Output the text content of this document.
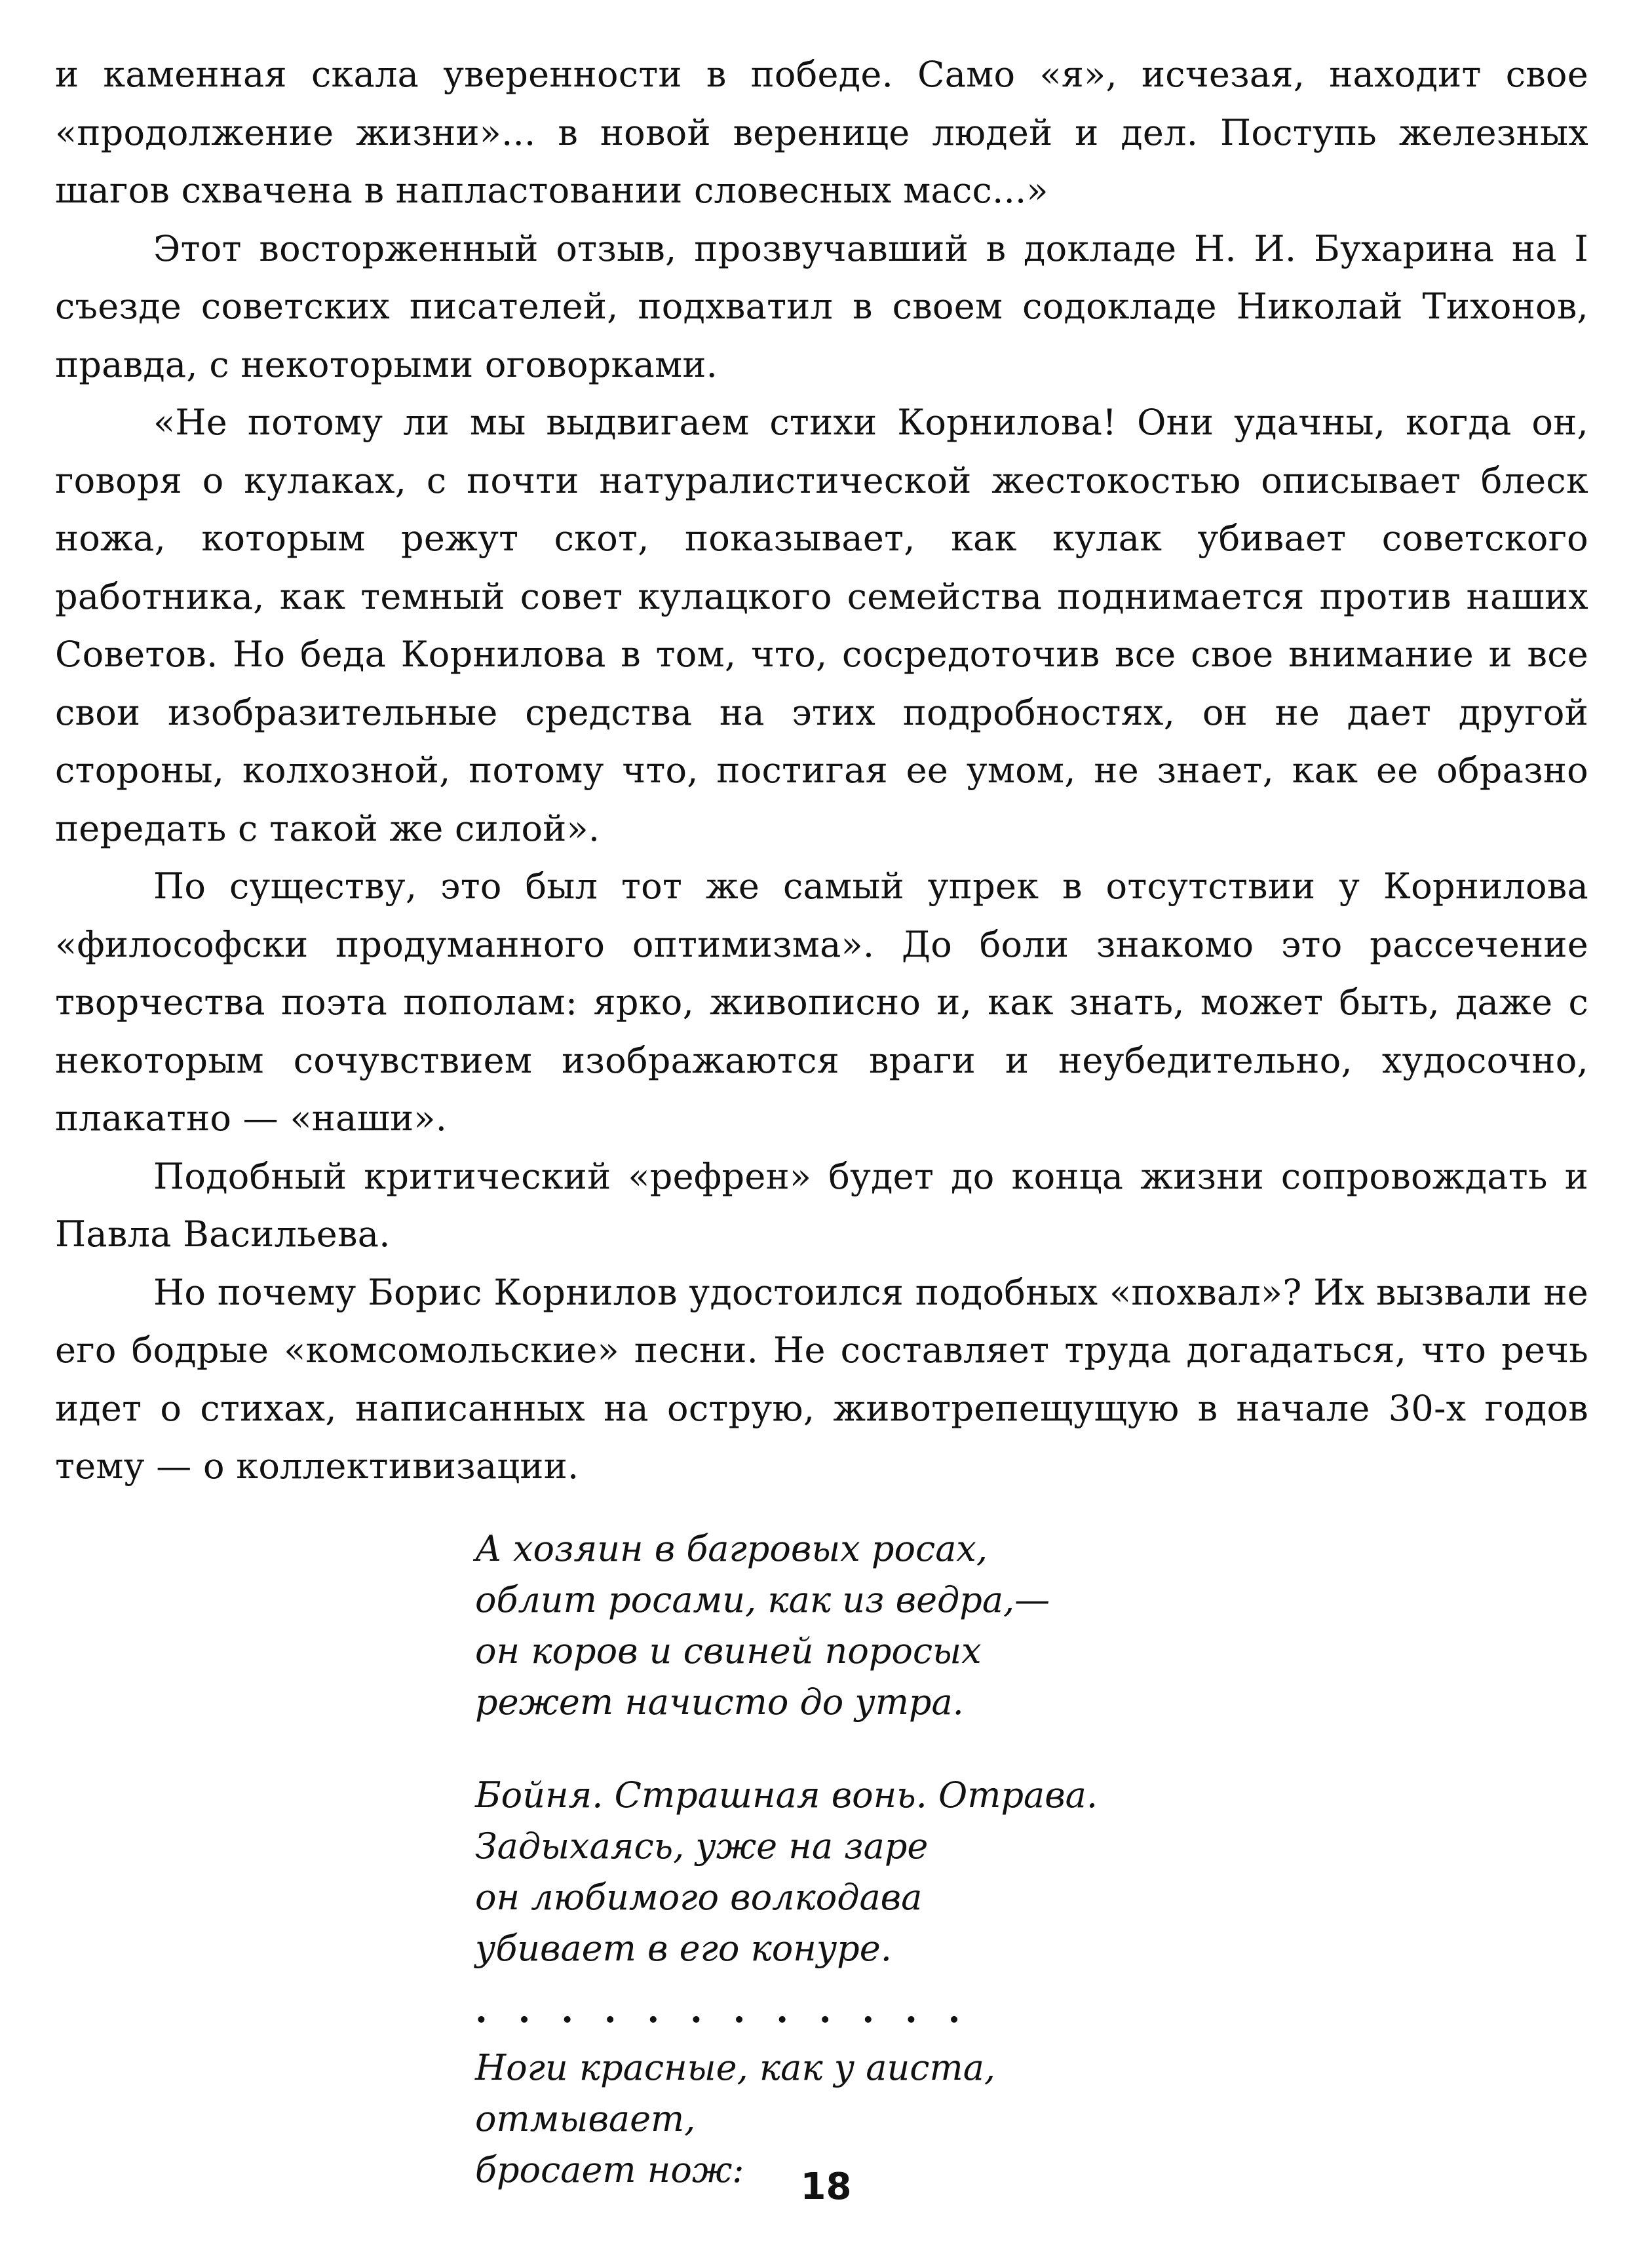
и каменная скала уверенности в победе. Само «я», исчезая, находит свое «продолжение жизни»... в новой веренице людей и дел. Поступь железных шагов схвачена в напластовании словесных масс...»

Этот восторженный отзыв, прозвучавший в докладе Н. И. Бухарина на I съезде советских писателей, подхватил в своем содокладе Николай Тихонов, правда, с некоторыми оговорками.

«Не потому ли мы выдвигаем стихи Корнилова! Они удачны, когда он, говоря о кулаках, с почти натуралистической жестокостью описывает блеск ножа, которым режут скот, показывает, как кулак убивает советского работника, как темный совет кулацкого семейства поднимается против наших Советов. Но беда Корнилова в том, что, сосредоточив все свое внимание и все свои изобразительные средства на этих подробностях, он не дает другой стороны, колхозной, потому что, постигая ее умом, не знает, как ее образно передать с такой же силой».

По существу, это был тот же самый упрек в отсутствии у Корнилова «философски продуманного оптимизма». До боли знакомо это рассечение творчества поэта пополам: ярко, живописно и, как знать, может быть, даже с некоторым сочувствием изображаются враги и неубедительно, худосочно, плакатно — «наши».

Подобный критический «рефрен» будет до конца жизни сопровождать и Павла Васильева.

Но почему Борис Корнилов удостоился подобных «похвал»? Их вызвали не его бодрые «комсомольские» песни. Не составляет труда догадаться, что речь идет о стихах, написанных на острую, животрепещущую в начале 30-х годов тему — о коллективизации.

А хозяин в багровых росах,
облит росами, как из ведра,—
он коров и свиней поросых
режет начисто до утра.
Бойня. Страшная вонь. Отрава.
Задыхаясь, уже на заре
он любимого волкодава
убивает в его конуре.
. . . . . . . . . . . .
Ноги красные, как у аиста,
отмывает,
бросает нож:	18
